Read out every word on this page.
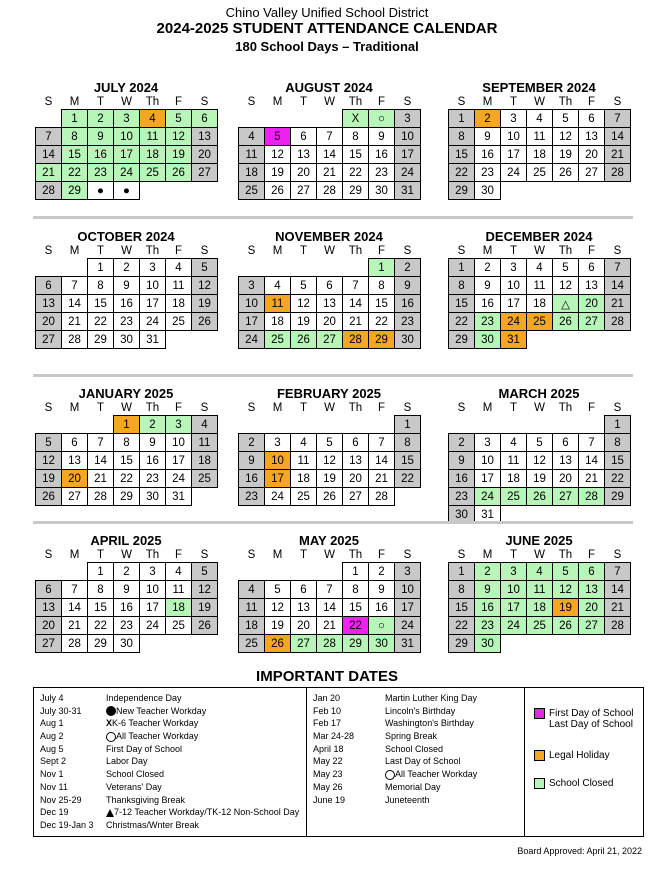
Chino Valley Unified School District
2024-2025 STUDENT ATTENDANCE CALENDAR
180 School Days – Traditional
JULY 2024
S	M	T	W	Th	F	S
	1	2	3	4	5	6
7	8	9	10	11	12	13
14	15	16	17	18	19	20
21	22	23	24	25	26	27
28	29	●	●			
AUGUST 2024
S	M	T	W	Th	F	S
				X	○	3
4	5	6	7	8	9	10
11	12	13	14	15	16	17
18	19	20	21	22	23	24
25	26	27	28	29	30	31
SEPTEMBER 2024
S	M	T	W	Th	F	S
1	2	3	4	5	6	7
8	9	10	11	12	13	14
15	16	17	18	19	20	21
22	23	24	25	26	27	28
29	30					
OCTOBER 2024
S	M	T	W	Th	F	S
		1	2	3	4	5
6	7	8	9	10	11	12
13	14	15	16	17	18	19
20	21	22	23	24	25	26
27	28	29	30	31		
NOVEMBER 2024
S	M	T	W	Th	F	S
					1	2
3	4	5	6	7	8	9
10	11	12	13	14	15	16
17	18	19	20	21	22	23
24	25	26	27	28	29	30
DECEMBER 2024
S	M	T	W	Th	F	S
1	2	3	4	5	6	7
8	9	10	11	12	13	14
15	16	17	18	△	20	21
22	23	24	25	26	27	28
29	30	31				
JANUARY 2025
S	M	T	W	Th	F	S
			1	2	3	4
5	6	7	8	9	10	11
12	13	14	15	16	17	18
19	20	21	22	23	24	25
26	27	28	29	30	31	
FEBRUARY 2025
S	M	T	W	Th	F	S
						1
2	3	4	5	6	7	8
9	10	11	12	13	14	15
16	17	18	19	20	21	22
23	24	25	26	27	28	
MARCH 2025
S	M	T	W	Th	F	S
						1
2	3	4	5	6	7	8
9	10	11	12	13	14	15
16	17	18	19	20	21	22
23	24	25	26	27	28	29
30	31					
APRIL 2025
S	M	T	W	Th	F	S
		1	2	3	4	5
6	7	8	9	10	11	12
13	14	15	16	17	18	19
20	21	22	23	24	25	26
27	28	29	30			
MAY 2025
S	M	T	W	Th	F	S
				1	2	3
4	5	6	7	8	9	10
11	12	13	14	15	16	17
18	19	20	21	22	○	24
25	26	27	28	29	30	31
JUNE 2025
S	M	T	W	Th	F	S
1	2	3	4	5	6	7
8	9	10	11	12	13	14
15	16	17	18	19	20	21
22	23	24	25	26	27	28
29	30					
IMPORTANT DATES
July 4	Independence Day
July 30-31	New Teacher Workday
Aug 1	XK-6 Teacher Workday
Aug 2	All Teacher Workday
Aug 5	First Day of School
Sept 2	Labor Day
Nov 1	School Closed
Nov 11	Veterans' Day
Nov 25-29	Thanksgiving Break
Dec 19	7-12 Teacher Workday/TK-12 Non-School Day
Dec 19-Jan 3 Christmas/Wnter Break
Jan 20	Martin Luther King Day
Feb 10	Lincoln's Birthday
Feb 17	Washington's Birthday
Mar 24-28	Spring Break
April 18	School Closed
May 22	Last Day of School
May 23	All Teacher Workday
May 26	Memorial Day
June 19	Juneteenth
First Day of School
Last Day of School
Legal Holiday
School Closed
Board Approved: April 21, 2022
